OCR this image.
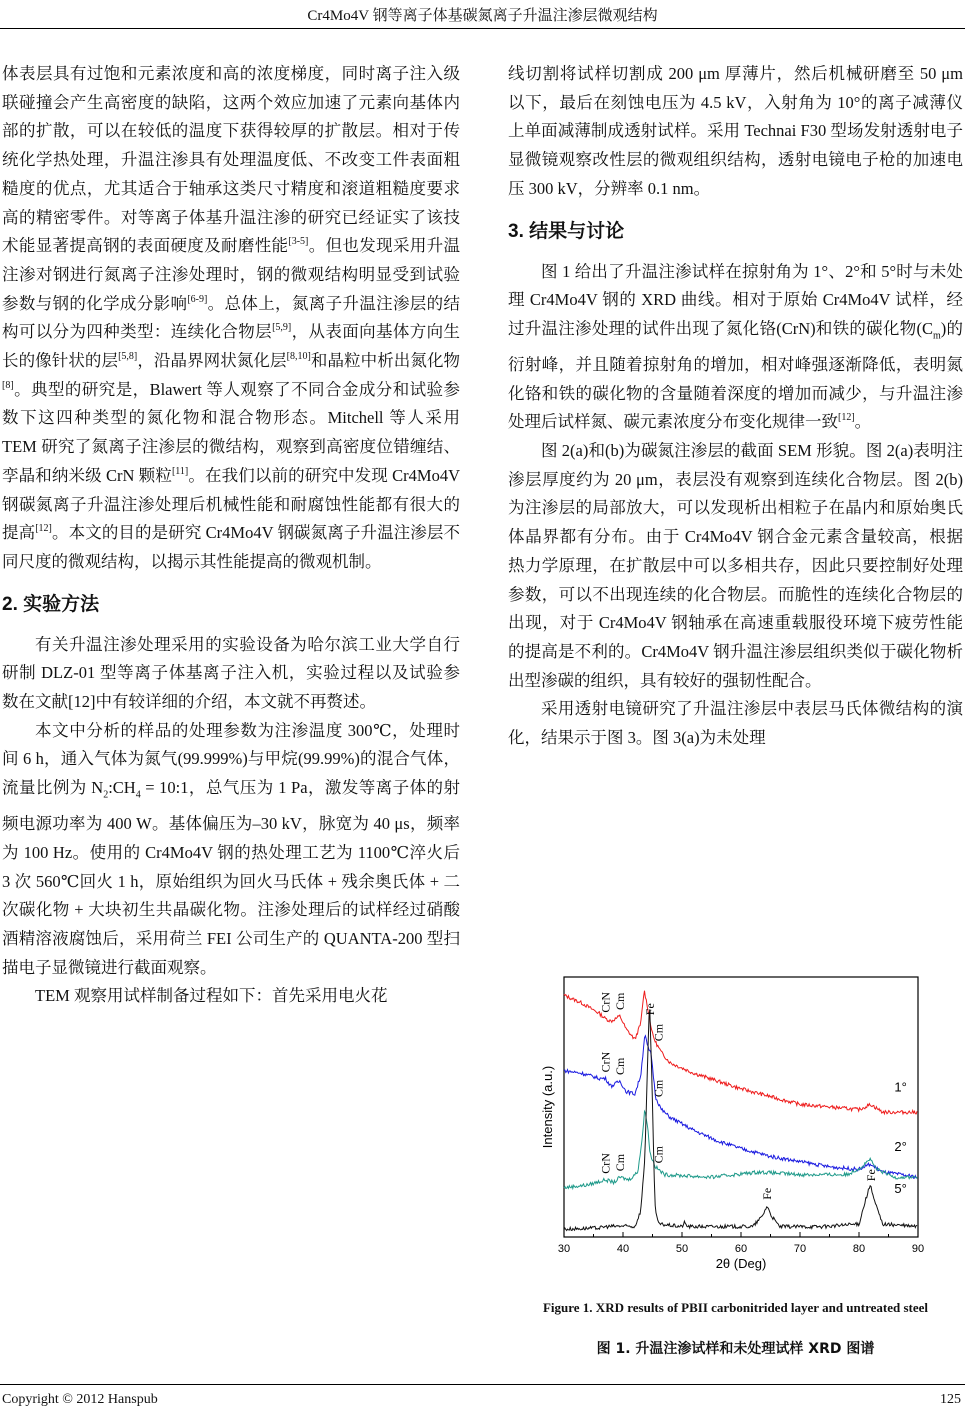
Cr4Mo4V 钢等离子体基碳氮离子升温注渗层微观结构

体表层具有过饱和元素浓度和高的浓度梯度，同时离子注入级联碰撞会产生高密度的缺陷，这两个效应加速了元素向基体内部的扩散，可以在较低的温度下获得较厚的扩散层。相对于传统化学热处理，升温注渗具有处理温度低、不改变工件表面粗糙度的优点，尤其适合于轴承这类尺寸精度和滚道粗糙度要求高的精密零件。对等离子体基升温注渗的研究已经证实了该技术能显著提高钢的表面硬度及耐磨性能[3-5]。但也发现采用升温注渗对钢进行氮离子注渗处理时，钢的微观结构明显受到试验参数与钢的化学成分影响[6-9]。总体上，氮离子升温注渗层的结构可以分为四种类型：连续化合物层[5,9]，从表面向基体方向生长的像针状的层[5,8]，沿晶界网状氮化层[8,10]和晶粒中析出氮化物[8]。典型的研究是，Blawert 等人观察了不同合金成分和试验参数下这四种类型的氮化物和混合物形态。Mitchell 等人采用 TEM 研究了氮离子注渗层的微结构，观察到高密度位错缠结、孪晶和纳米级 CrN 颗粒[11]。在我们以前的研究中发现 Cr4Mo4V 钢碳氮离子升温注渗处理后机械性能和耐腐蚀性能都有很大的提高[12]。本文的目的是研究 Cr4Mo4V 钢碳氮离子升温注渗层不同尺度的微观结构，以揭示其性能提高的微观机制。

2. 实验方法

有关升温注渗处理采用的实验设备为哈尔滨工业大学自行研制 DLZ-01 型等离子体基离子注入机，实验过程以及试验参数在文献[12]中有较详细的介绍，本文就不再赘述。

本文中分析的样品的处理参数为注渗温度 300℃，处理时间 6 h，通入气体为氮气(99.999%)与甲烷(99.99%)的混合气体，流量比例为 $N_2:CH_4$ = 10:1，总气压为 1 Pa，激发等离子体的射频电源功率为 400 W。基体偏压为–30 kV，脉宽为 40 μs，频率为 100 Hz。使用的 Cr4Mo4V 钢的热处理工艺为 1100℃淬火后 3 次 560℃回火 1 h，原始组织为回火马氏体 + 残余奥氏体 + 二次碳化物 + 大块初生共晶碳化物。注渗处理后的试样经过硝酸酒精溶液腐蚀后，采用荷兰 FEI 公司生产的 QUANTA-200 型扫描电子显微镜进行截面观察。

TEM 观察用试样制备过程如下：首先采用电火花

线切割将试样切割成 200 μm 厚薄片，然后机械研磨至 50 μm 以下，最后在刻蚀电压为 4.5 kV，入射角为 10°的离子减薄仪上单面减薄制成透射试样。采用 Technai F30 型场发射透射电子显微镜观察改性层的微观组织结构，透射电镜电子枪的加速电压 300 kV，分辨率 0.1 nm。

3. 结果与讨论

图 1 给出了升温注渗试样在掠射角为 1°、2°和 5°时与未处理 Cr4Mo4V 钢的 XRD 曲线。相对于原始 Cr4Mo4V 试样，经过升温注渗处理的试件出现了氮化铬(CrN)和铁的碳化物$(C_m)$的衍射峰，并且随着掠射角的增加，相对峰强逐渐降低，表明氮化铬和铁的碳化物的含量随着深度的增加而减少，与升温注渗处理后试样氮、碳元素浓度分布变化规律一致[12]。

图 2(a)和(b)为碳氮注渗层的截面 SEM 形貌。图 2(a)表明注渗层厚度约为 20 μm，表层没有观察到连续化合物层。图 2(b)为注渗层的局部放大，可以发现析出相粒子在晶内和原始奥氏体晶界都有分布。由于 Cr4Mo4V 钢合金元素含量较高，根据热力学原理，在扩散层中可以多相共存，因此只要控制好处理参数，可以不出现连续的化合物层。而脆性的连续化合物层的出现，对于 Cr4Mo4V 钢轴承在高速重载服役环境下疲劳性能的提高是不利的。Cr4Mo4V 钢升温注渗层组织类似于碳化物析出型渗碳的组织，具有较好的强韧性配合。

采用透射电镜研究了升温注渗层中表层马氏体微结构的演化，结果示于图 3。图 3(a)为未处理

30	40	50	60	70	80	90
2θ (Deg)
Intensity (a.u.)	1°
2°
5°
CrN Cm Fe
Cm
CrN Cm
Cm
CrN Cm Cm
Fe
Fe
Figure 1. XRD results of PBII carbonitrided layer and untreated steel
图 1. 升温注渗试样和未处理试样 XRD 图谱
Copyright © 2012 Hanspub	125
